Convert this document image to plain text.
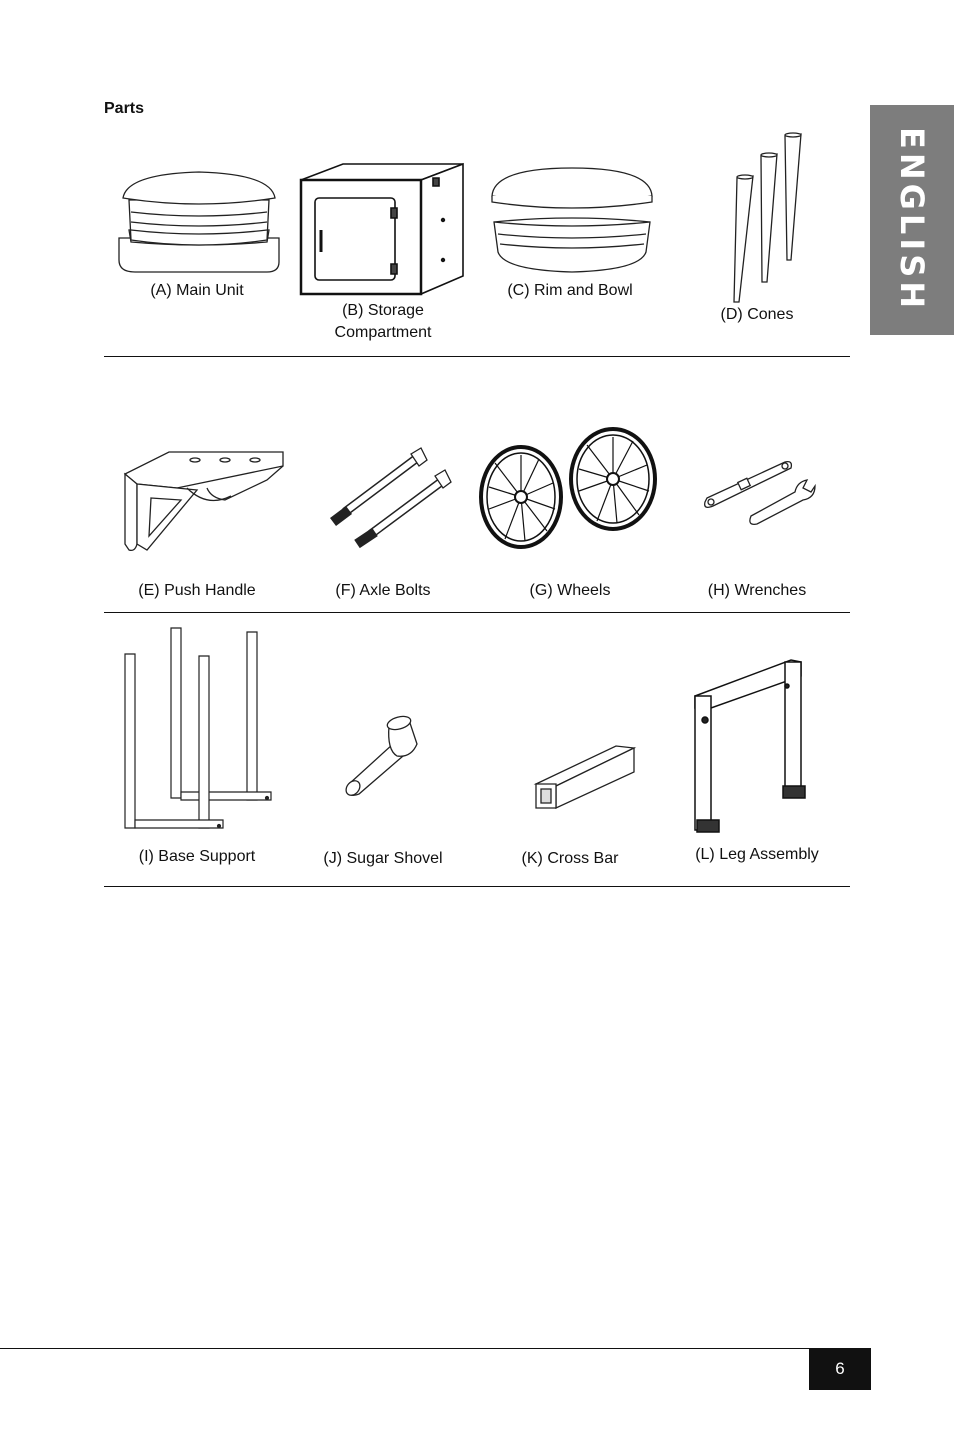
Parts
ENGLISH
(A) Main Unit
(B) Storage
Compartment
(C) Rim and Bowl
(D) Cones
(E) Push Handle	(F) Axle Bolts	(G) Wheels	(H) Wrenches
(I) Base Support	(J) Sugar Shovel	(K) Cross Bar	(L) Leg Assembly
6
